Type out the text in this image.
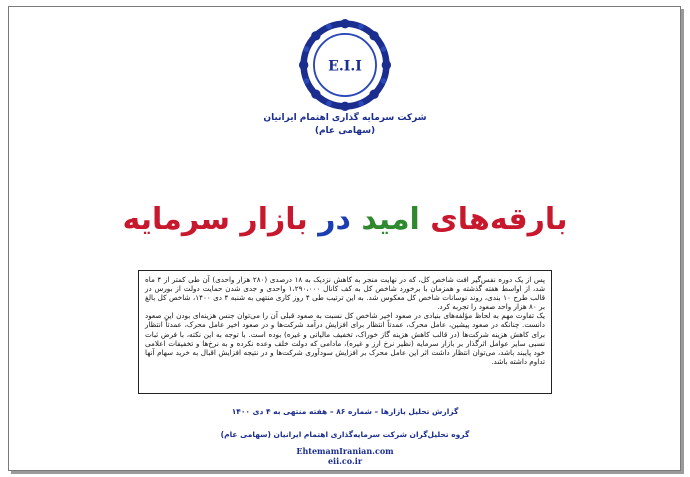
E.I.I
شرکت سرمایه گذاری اهتمام ایرانیان
(سهامی عام)
بارقه‌های امید در بازار سرمایه

پس از یک دوره نفس‌گیر افت شاخص کل، که در نهایت منجر به کاهش نزدیک به ۱۸ درصدی (۲۸۰ هزار واحدی) آن طی کمتر از ۴ ماه شد، از اواسط هفته گذشته و همزمان با برخورد شاخص کل به کف کانال ۱،۲۹۰،۰۰۰ واحدی و جدی شدن حمایت دولت از بورس در قالب طرح ۱۰ بندی، روند نوسانات شاخص کل معکوس شد. به این ترتیب طی ۴ روز کاری منتهی به شنبه ۴ دی ۱۴۰۰، شاخص کل بالغ بر ۸۰ هزار واحد صعود را تجربه کرد.

یک تفاوت مهم به لحاظ مؤلفه‌های بنیادی در صعود اخیر شاخص کل نسبت به صعود قبلی آن را می‌توان جنس هزینه‌ای بودن این صعود دانست. چنانکه در صعود پیشین، عامل محرک، عمدتاً انتظار برای افزایش درآمد شرکت‌ها و در صعود اخیر عامل محرک، عمدتاً انتظار برای کاهش هزینه شرکت‌ها (در قالب کاهش هزینه گاز خوراک، تخفیف مالیاتی و غیره) بوده است. با توجه به این نکته، با فرض ثبات نسبی سایر عوامل اثرگذار بر بازار سرمایه (نظیر نرخ ارز و غیره)، مادامی که دولت خلف وعده نکرده و به نرخ‌ها و تخفیفات اعلامی خود پایبند باشد، می‌توان انتظار داشت اثر این عامل محرک بر افزایش سودآوری شرکت‌ها و در نتیجه افزایش اقبال به خرید سهام آنها تداوم داشته باشد.

گزارش تحلیل بازارها – شماره ۸۶ – هفته منتهی به ۴ دی ۱۴۰۰
گروه تحلیل‌گران شرکت سرمایه‌گذاری اهتمام ایرانیان (سهامی عام)
EhtemamIranian.com
eii.co.ir
